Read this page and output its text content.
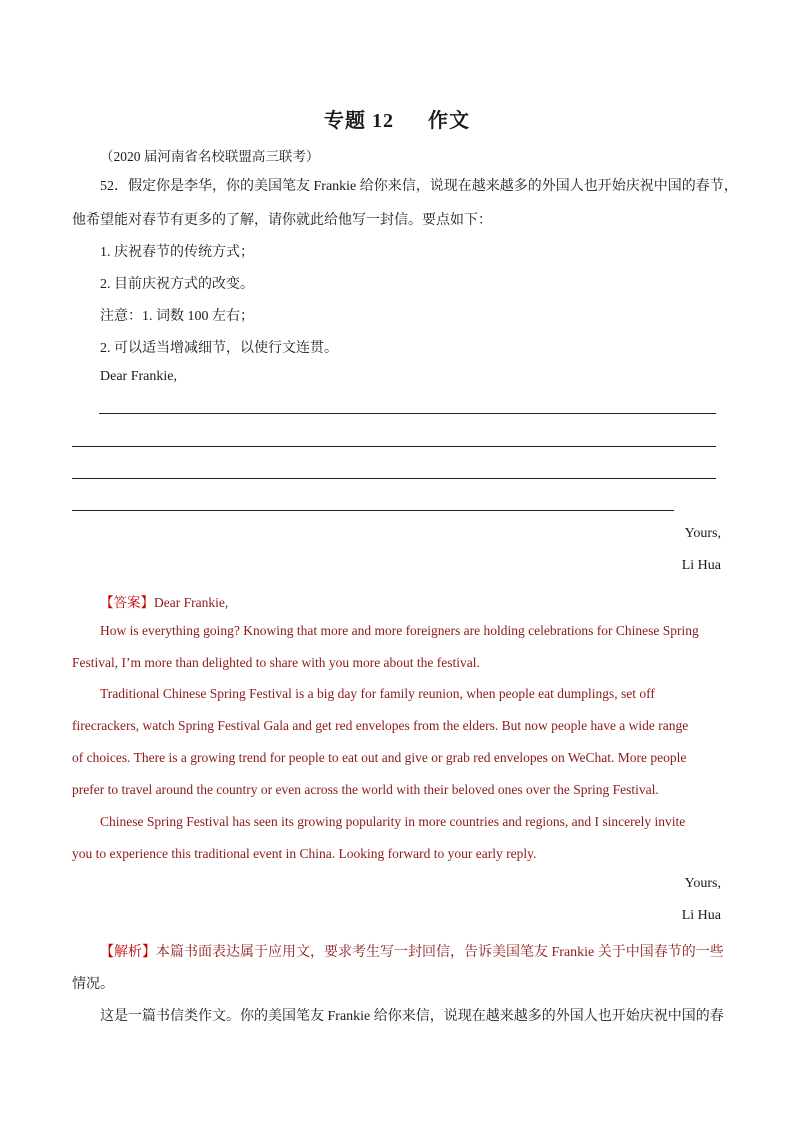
专题 12 作文
（2020 届河南省名校联盟高三联考）
52．假定你是李华，你的美国笔友 Frankie 给你来信，说现在越来越多的外国人也开始庆祝中国的春节，
他希望能对春节有更多的了解，请你就此给他写一封信。要点如下：
1. 庆祝春节的传统方式；
2. 目前庆祝方式的改变。
注意：1. 词数 100 左右；
2. 可以适当增减细节，以使行文连贯。
Dear Frankie,
Yours,
Li Hua
【答案】Dear Frankie,
How is everything going? Knowing that more and more foreigners are holding celebrations for Chinese Spring
Festival, I’m more than delighted to share with you more about the festival.
Traditional Chinese Spring Festival is a big day for family reunion, when people eat dumplings, set off
firecrackers, watch Spring Festival Gala and get red envelopes from the elders. But now people have a wide range
of choices. There is a growing trend for people to eat out and give or grab red envelopes on WeChat. More people
prefer to travel around the country or even across the world with their beloved ones over the Spring Festival.
Chinese Spring Festival has seen its growing popularity in more countries and regions, and I sincerely invite
you to experience this traditional event in China. Looking forward to your early reply.
Yours,
Li Hua
【解析】本篇书面表达属于应用文，要求考生写一封回信，告诉美国笔友 Frankie 关于中国春节的一些
情况。
这是一篇书信类作文。你的美国笔友 Frankie 给你来信，说现在越来越多的外国人也开始庆祝中国的春
